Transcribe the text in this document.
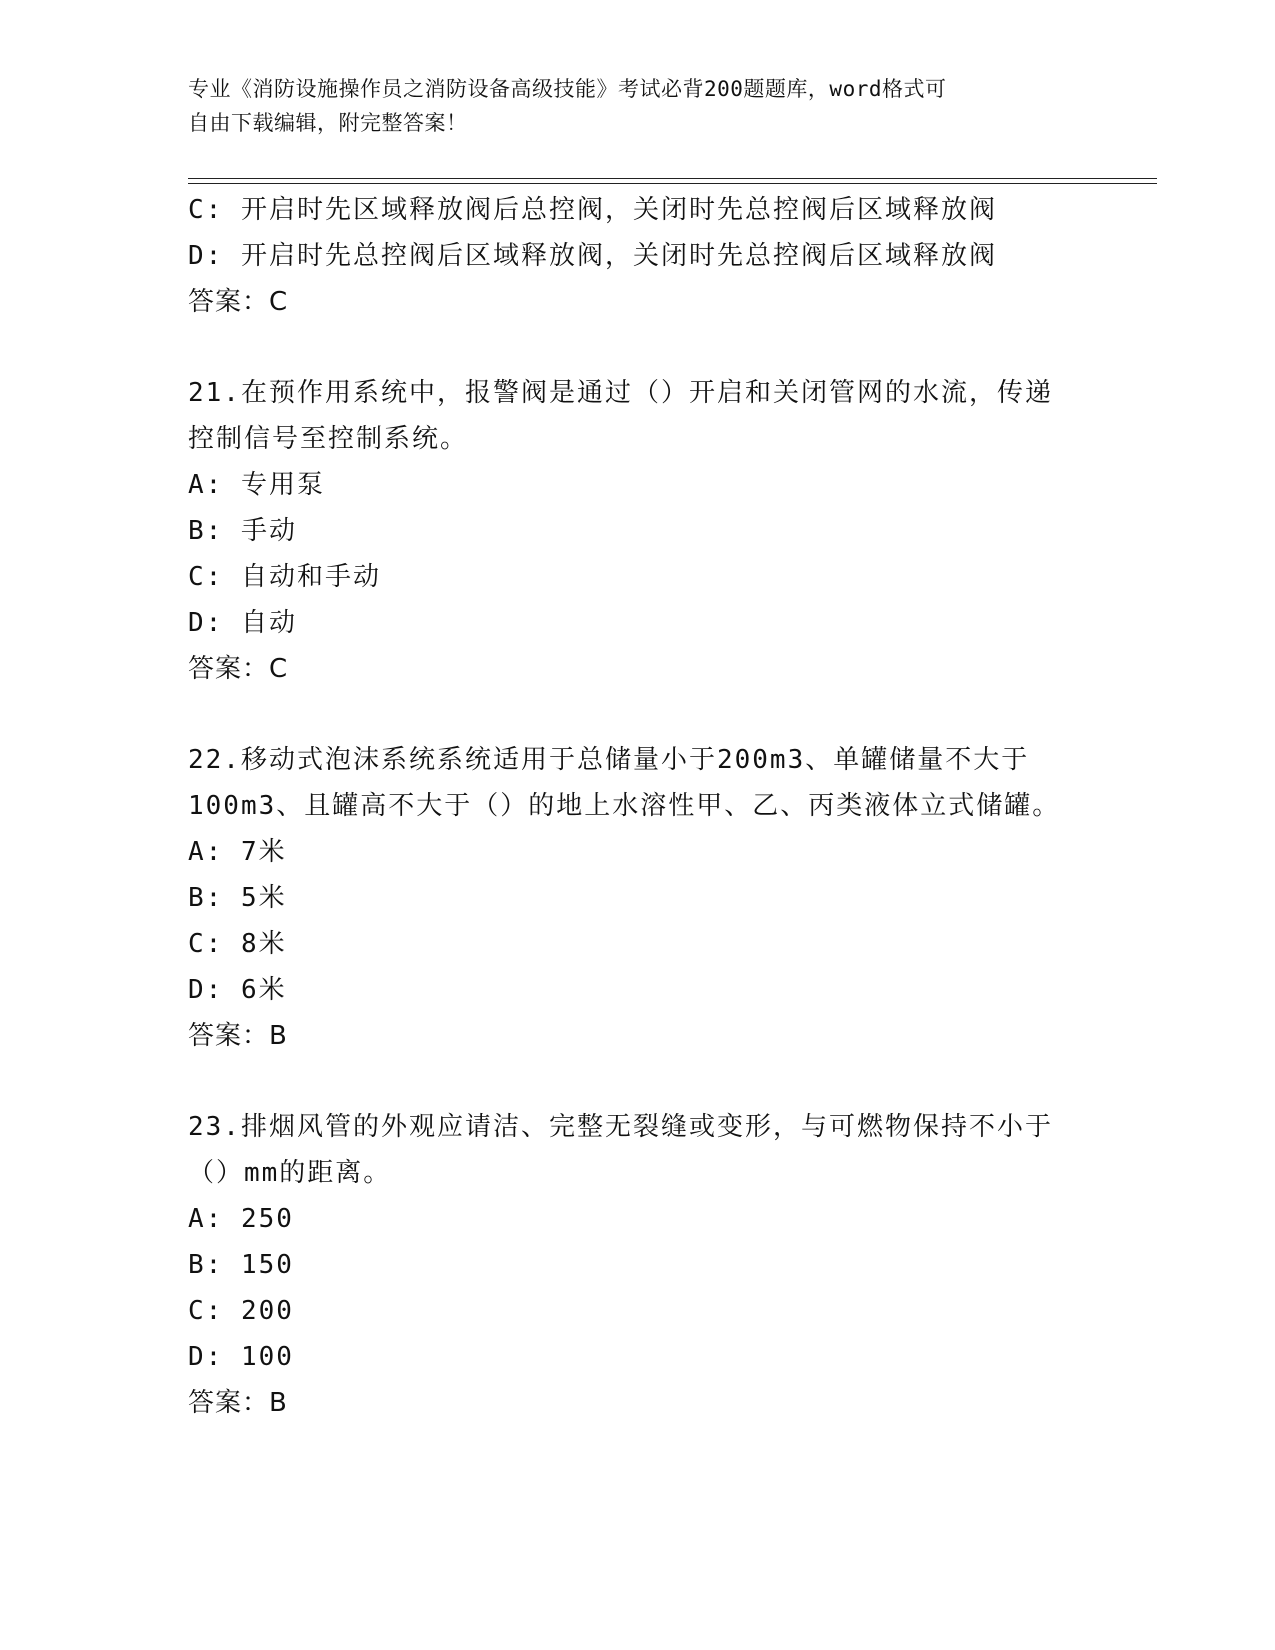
专业《消防设施操作员之消防设备高级技能》考试必背200题题库，word格式可
自由下载编辑，附完整答案！
C: 开启时先区域释放阀后总控阀，关闭时先总控阀后区域释放阀
D: 开启时先总控阀后区域释放阀，关闭时先总控阀后区域释放阀
答案：C
21.在预作用系统中，报警阀是通过（）开启和关闭管网的水流，传递
控制信号至控制系统。
A: 专用泵
B: 手动
C: 自动和手动
D: 自动
答案：C
22.移动式泡沫系统系统适用于总储量小于200m3、单罐储量不大于
100m3、且罐高不大于（）的地上水溶性甲、乙、丙类液体立式储罐。
A: 7米
B: 5米
C: 8米
D: 6米
答案：B
23.排烟风管的外观应请洁、完整无裂缝或变形，与可燃物保持不小于
（）mm的距离。
A: 250
B: 150
C: 200
D: 100
答案：B
